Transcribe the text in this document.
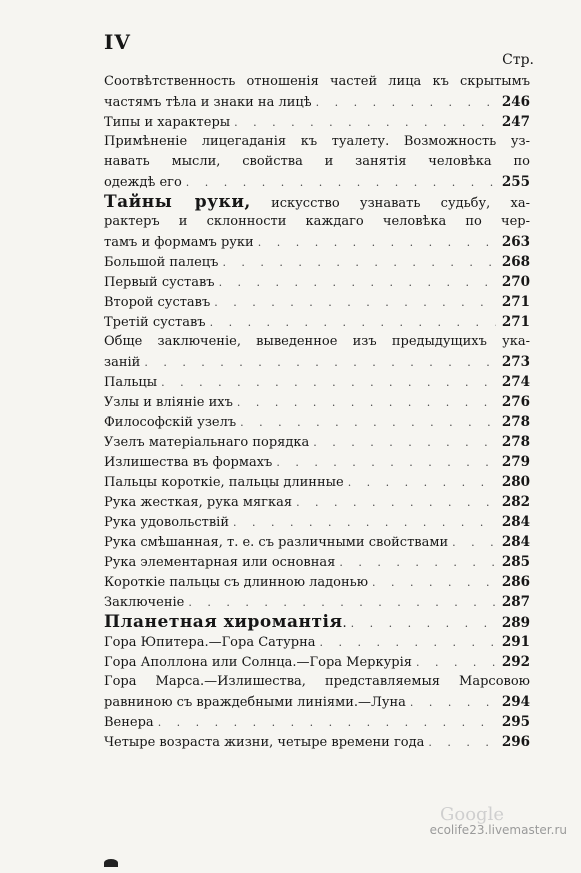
IV
Стр.
Соотвѣтственность отношенія частей лица къ скрытымъ
частямъ тѣла и знаки на лицѣ . . .	246
Типы и характеры . . .	247
Примѣненіе лицегаданія къ туалету. Возможность уз-
навать мысли, свойства и занятія человѣка по
одеждѣ его . . .	255
Тайны руки, искусство узнавать судьбу, ха-
рактеръ и склонности каждаго человѣка по чер-
тамъ и формамъ руки . . .	263
Большой палецъ . . .	268
Первый суставъ . . .	270
Второй суставъ . . .	271
Третій суставъ . . .	271
Обще заключеніе, выведенное изъ предыдущихъ ука-
заній . . .	273
Пальцы . . .	274
Узлы и вліяніе ихъ . . .	276
Философскій узелъ . . .	278
Узелъ матеріальнаго порядка . . .	278
Излишества въ формахъ . . .	279
Пальцы короткіе, пальцы длинные . . .	280
Рука жесткая, рука мягкая . . .	282
Рука удовольствій . . .	284
Рука смѣшанная, т. е. съ различными свойствами . . .	284
Рука элементарная или основная . . .	285
Короткіе пальцы съ длинною ладонью . . .	286
Заключеніе . . .	287
Планетная хиромантія . . . .	289
Гора Юпитера.—Гора Сатурна . . .	291
Гора Аполлона или Солнца.—Гора Меркурія . . .	292
Гора Марса.—Излишества, представляемыя Марсовою
равниною съ враждебными линіями.—Луна . . .	294
Венера . . .	295
Четыре возраста жизни, четыре времени года . . .	296
Google
ecolife23.livemaster.ru
